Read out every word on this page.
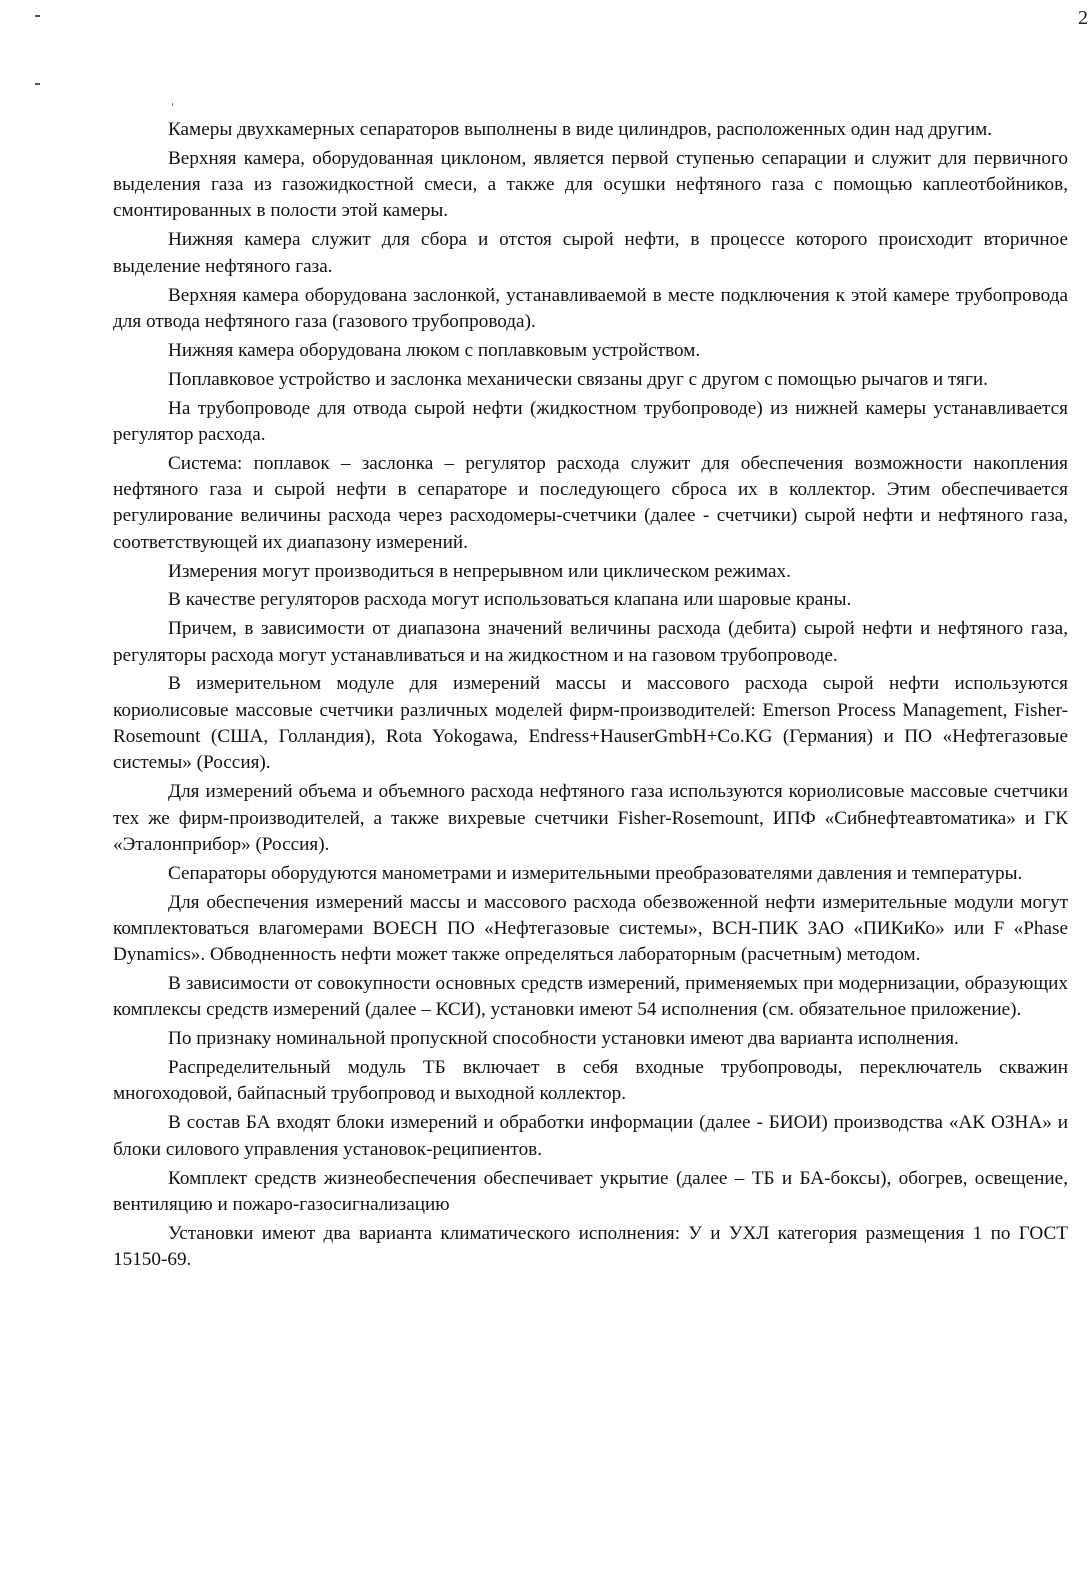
2

Камеры двухкамерных сепараторов выполнены в виде цилиндров, расположенных один над другим.

Верхняя камера, оборудованная циклоном, является первой ступенью сепарации и служит для первичного выделения газа из газожидкостной смеси, а также для осушки нефтяного газа с помощью каплеотбойников, смонтированных в полости этой камеры.

Нижняя камера служит для сбора и отстоя сырой нефти, в процессе которого происходит вторичное выделение нефтяного газа.

Верхняя камера оборудована заслонкой, устанавливаемой в месте подключения к этой камере трубопровода для отвода нефтяного газа (газового трубопровода).

Нижняя камера оборудована люком с поплавковым устройством.

Поплавковое устройство и заслонка механически связаны друг с другом с помощью рычагов и тяги.

На трубопроводе для отвода сырой нефти (жидкостном трубопроводе) из нижней камеры устанавливается регулятор расхода.

Система: поплавок – заслонка – регулятор расхода служит для обеспечения возможности накопления нефтяного газа и сырой нефти в сепараторе и последующего сброса их в коллектор. Этим обеспечивается регулирование величины расхода через расходомеры-счетчики (далее - счетчики) сырой нефти и нефтяного газа, соответствующей их диапазону измерений.

Измерения могут производиться в непрерывном или циклическом режимах.

В качестве регуляторов расхода могут использоваться клапана или шаровые краны.

Причем, в зависимости от диапазона значений величины расхода (дебита) сырой нефти и нефтяного газа, регуляторы расхода могут устанавливаться и на жидкостном и на газовом трубопроводе.

В измерительном модуле для измерений массы и массового расхода сырой нефти используются кориолисовые массовые счетчики различных моделей фирм-производителей: Emerson Process Management, Fisher-Rosemount (США, Голландия), Rota Yokogawa, Endress+HauserGmbH+Co.KG (Германия) и ПО «Нефтегазовые системы» (Россия).

Для измерений объема и объемного расхода нефтяного газа используются кориолисовые массовые счетчики тех же фирм-производителей, а также вихревые счетчики Fisher-Rosemount, ИПФ «Сибнефтеавтоматика» и ГК «Эталонприбор» (Россия).

Сепараторы оборудуются манометрами и измерительными преобразователями давления и температуры.

Для обеспечения измерений массы и массового расхода обезвоженной нефти измерительные модули могут комплектоваться влагомерами ВОЕСН ПО «Нефтегазовые системы», ВСН-ПИК ЗАО «ПИКиКо» или F «Phase Dynamics». Обводненность нефти может также определяться лабораторным (расчетным) методом.

В зависимости от совокупности основных средств измерений, применяемых при модернизации, образующих комплексы средств измерений (далее – КСИ), установки имеют 54 исполнения (см. обязательное приложение).

По признаку номинальной пропускной способности установки имеют два варианта исполнения.

Распределительный модуль ТБ включает в себя входные трубопроводы, переключатель скважин многоходовой, байпасный трубопровод и выходной коллектор.

В состав БА входят блоки измерений и обработки информации (далее - БИОИ) производства «АК ОЗНА» и блоки силового управления установок-реципиентов.

Комплект средств жизнеобеспечения обеспечивает укрытие (далее – ТБ и БА-боксы), обогрев, освещение, вентиляцию и пожаро-газосигнализацию

Установки имеют два варианта климатического исполнения: У и УХЛ категория размещения 1 по ГОСТ 15150-69.
